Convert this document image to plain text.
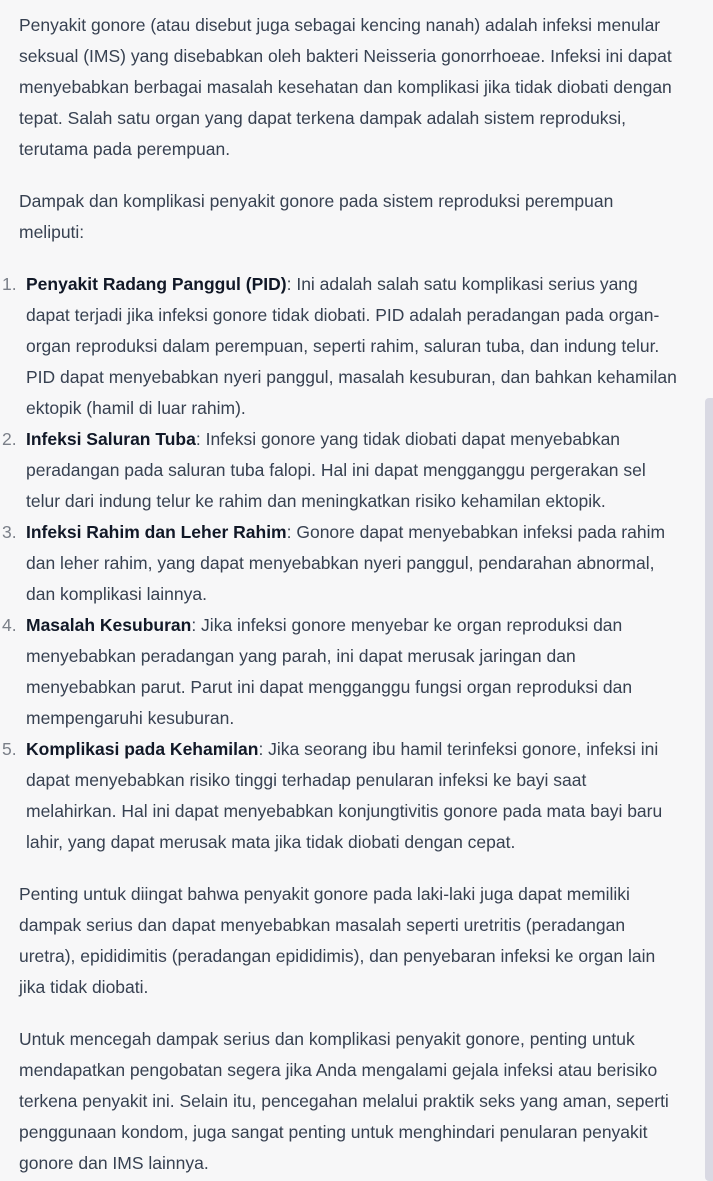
Penyakit gonore (atau disebut juga sebagai kencing nanah) adalah infeksi menular seksual (IMS) yang disebabkan oleh bakteri Neisseria gonorrhoeae. Infeksi ini dapat menyebabkan berbagai masalah kesehatan dan komplikasi jika tidak diobati dengan tepat. Salah satu organ yang dapat terkena dampak adalah sistem reproduksi, terutama pada perempuan.

Dampak dan komplikasi penyakit gonore pada sistem reproduksi perempuan meliputi:

1. Penyakit Radang Panggul (PID): Ini adalah salah satu komplikasi serius yang dapat terjadi jika infeksi gonore tidak diobati. PID adalah peradangan pada organ-organ reproduksi dalam perempuan, seperti rahim, saluran tuba, dan indung telur. PID dapat menyebabkan nyeri panggul, masalah kesuburan, dan bahkan kehamilan ektopik (hamil di luar rahim).
2. Infeksi Saluran Tuba: Infeksi gonore yang tidak diobati dapat menyebabkan peradangan pada saluran tuba falopi. Hal ini dapat mengganggu pergerakan sel telur dari indung telur ke rahim dan meningkatkan risiko kehamilan ektopik.
3. Infeksi Rahim dan Leher Rahim: Gonore dapat menyebabkan infeksi pada rahim dan leher rahim, yang dapat menyebabkan nyeri panggul, pendarahan abnormal, dan komplikasi lainnya.
4. Masalah Kesuburan: Jika infeksi gonore menyebar ke organ reproduksi dan menyebabkan peradangan yang parah, ini dapat merusak jaringan dan menyebabkan parut. Parut ini dapat mengganggu fungsi organ reproduksi dan mempengaruhi kesuburan.
5. Komplikasi pada Kehamilan: Jika seorang ibu hamil terinfeksi gonore, infeksi ini dapat menyebabkan risiko tinggi terhadap penularan infeksi ke bayi saat melahirkan. Hal ini dapat menyebabkan konjungtivitis gonore pada mata bayi baru lahir, yang dapat merusak mata jika tidak diobati dengan cepat.

Penting untuk diingat bahwa penyakit gonore pada laki-laki juga dapat memiliki dampak serius dan dapat menyebabkan masalah seperti uretritis (peradangan uretra), epididimitis (peradangan epididimis), dan penyebaran infeksi ke organ lain jika tidak diobati.

Untuk mencegah dampak serius dan komplikasi penyakit gonore, penting untuk mendapatkan pengobatan segera jika Anda mengalami gejala infeksi atau berisiko terkena penyakit ini. Selain itu, pencegahan melalui praktik seks yang aman, seperti penggunaan kondom, juga sangat penting untuk menghindari penularan penyakit gonore dan IMS lainnya.
